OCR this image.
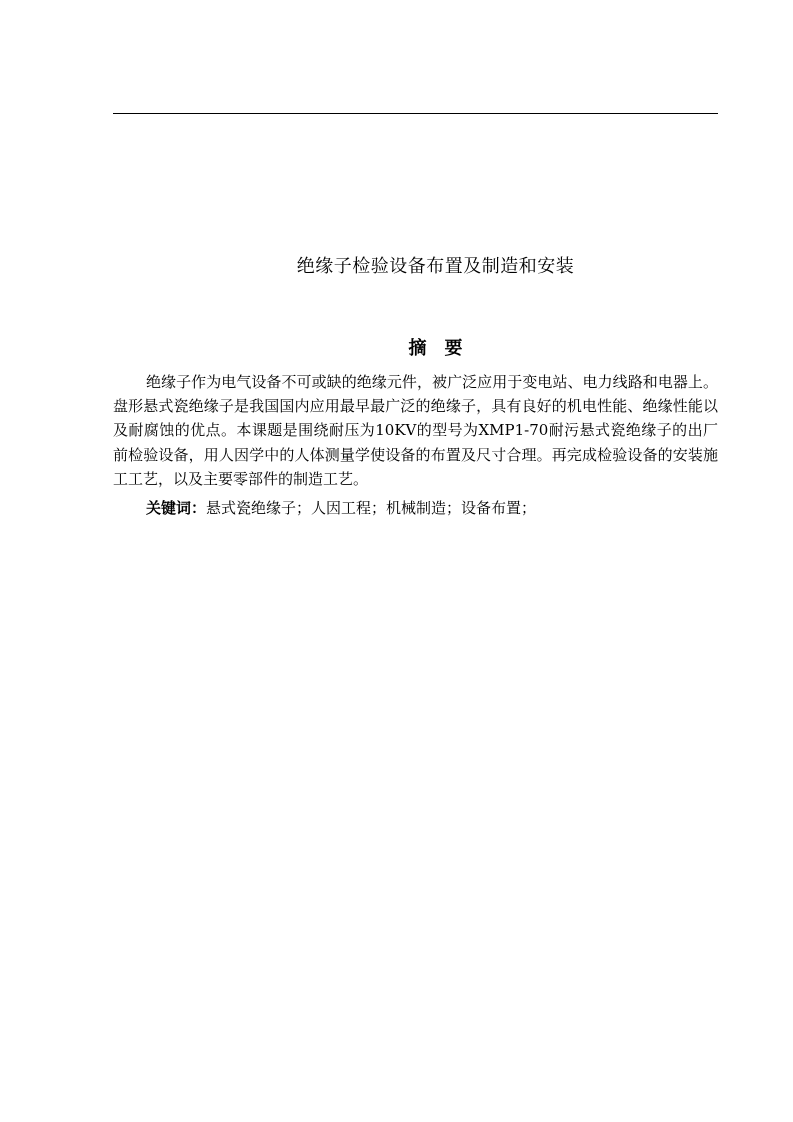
绝缘子检验设备布置及制造和安装
摘　要

绝缘子作为电气设备不可或缺的绝缘元件，被广泛应用于变电站、电力线路和电器上。盘形悬式瓷绝缘子是我国国内应用最早最广泛的绝缘子，具有良好的机电性能、绝缘性能以及耐腐蚀的优点。本课题是围绕耐压为10KV的型号为XMP1-70耐污悬式瓷绝缘子的出厂前检验设备，用人因学中的人体测量学使设备的布置及尺寸合理。再完成检验设备的安装施工工艺，以及主要零部件的制造工艺。

关键词：悬式瓷绝缘子；人因工程；机械制造；设备布置；
